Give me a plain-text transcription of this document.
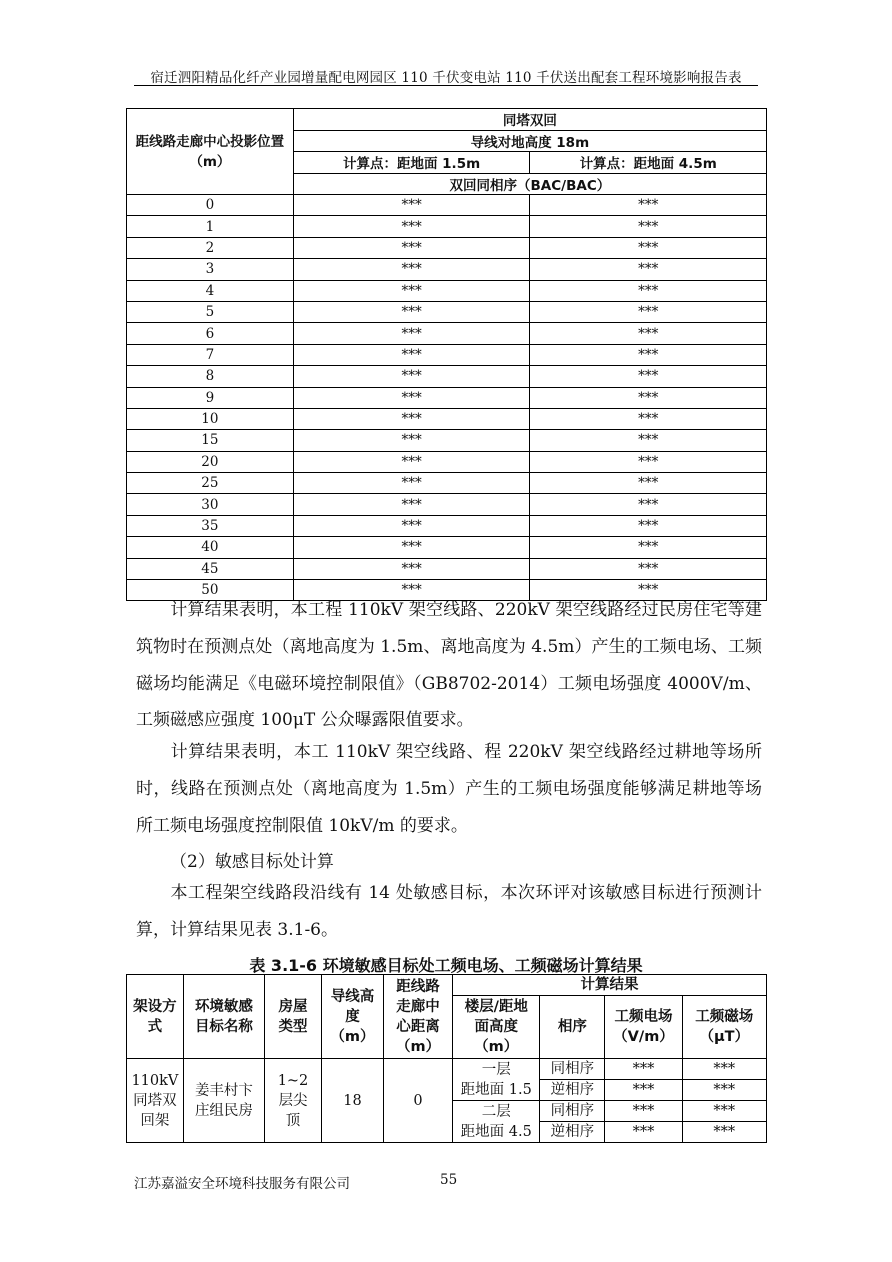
宿迁泗阳精品化纤产业园增量配电网园区 110 千伏变电站 110 千伏送出配套工程环境影响报告表
距线路走廊中心投影位置（m）	同塔双回	
	导线对地高度 18m	
	计算点：距地面 1.5m	计算点：距地面 4.5m
	双回同相序（BAC/BAC）	
0	***	***
1	***	***
2	***	***
3	***	***
4	***	***
5	***	***
6	***	***
7	***	***
8	***	***
9	***	***
10	***	***
15	***	***
20	***	***
25	***	***
30	***	***
35	***	***
40	***	***
45	***	***
50	***	***
计算结果表明，本工程 110kV 架空线路、220kV 架空线路经过民房住宅等建筑物时在预测点处（离地高度为 1.5m、离地高度为 4.5m）产生的工频电场、工频磁场均能满足《电磁环境控制限值》（GB8702-2014）工频电场强度 4000V/m、工频磁感应强度 100μT 公众曝露限值要求。
计算结果表明，本工 110kV 架空线路、程 220kV 架空线路经过耕地等场所时，线路在预测点处（离地高度为 1.5m）产生的工频电场强度能够满足耕地等场所工频电场强度控制限值 10kV/m 的要求。
（2）敏感目标处计算
本工程架空线路段沿线有 14 处敏感目标，本次环评对该敏感目标进行预测计算，计算结果见表 3.1-6。
表 3.1-6 环境敏感目标处工频电场、工频磁场计算结果
架设方式	环境敏感目标名称	房屋类型	导线高度（m）	距线路走廊中心距离（m）	计算结果			
					楼层/距地面高度（m）	相序	工频电场（V/m）	工频磁场（μT）
110kV 同塔双回架	姜丰村卞庄组民房	1~2 层尖顶	18	0	一层
距地面 1.5	同相序	***	***
						逆相序	***	***

					二层
距地面 4.5	同相序	***	***
						逆相序	***	***
江苏嘉溢安全环境科技服务有限公司	55
